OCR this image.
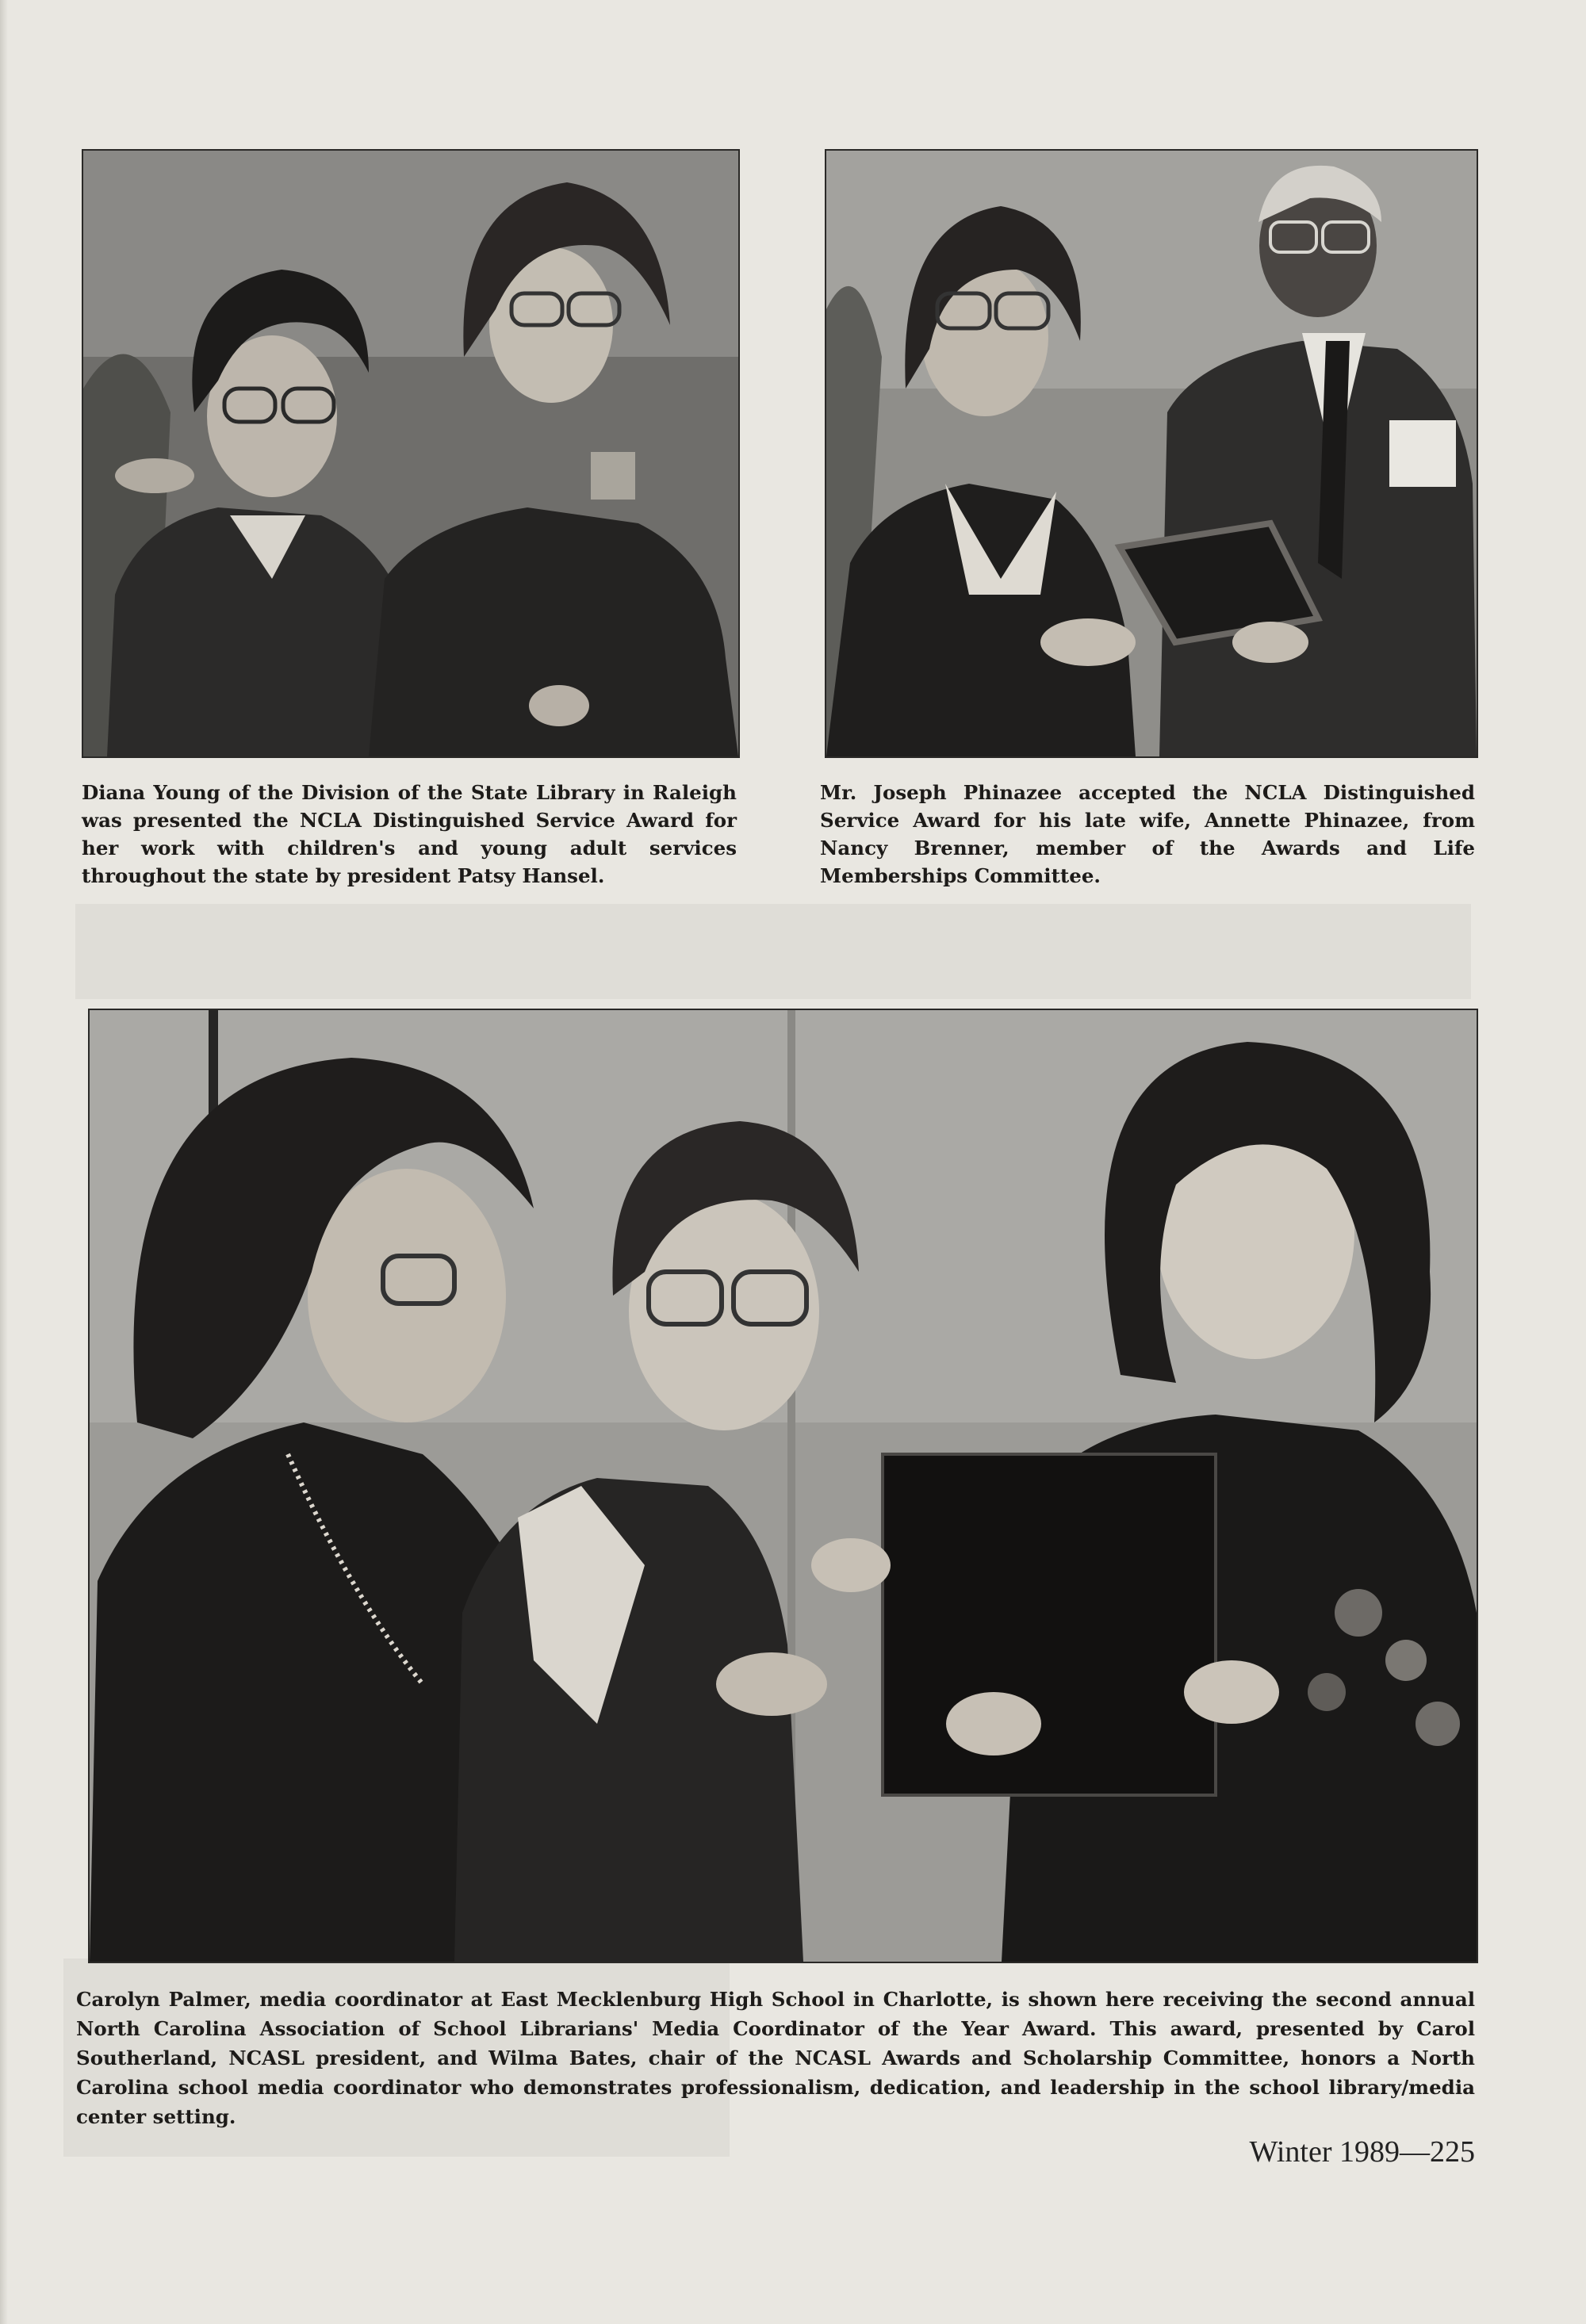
Diana Young of the Division of the State Library in Raleigh was presented the NCLA Distinguished Service Award for her work with children's and young adult services throughout the state by president Patsy Hansel.

Mr. Joseph Phinazee accepted the NCLA Distinguished Service Award for his late wife, Annette Phinazee, from Nancy Brenner, member of the Awards and Life Memberships Committee.

Carolyn Palmer, media coordinator at East Mecklenburg High School in Charlotte, is shown here receiving the second annual North Carolina Association of School Librarians' Media Coordinator of the Year Award. This award, presented by Carol Southerland, NCASL president, and Wilma Bates, chair of the NCASL Awards and Scholarship Committee, honors a North Carolina school media coordinator who demonstrates professionalism, dedication, and leadership in the school library/media center setting.

Winter 1989—225
